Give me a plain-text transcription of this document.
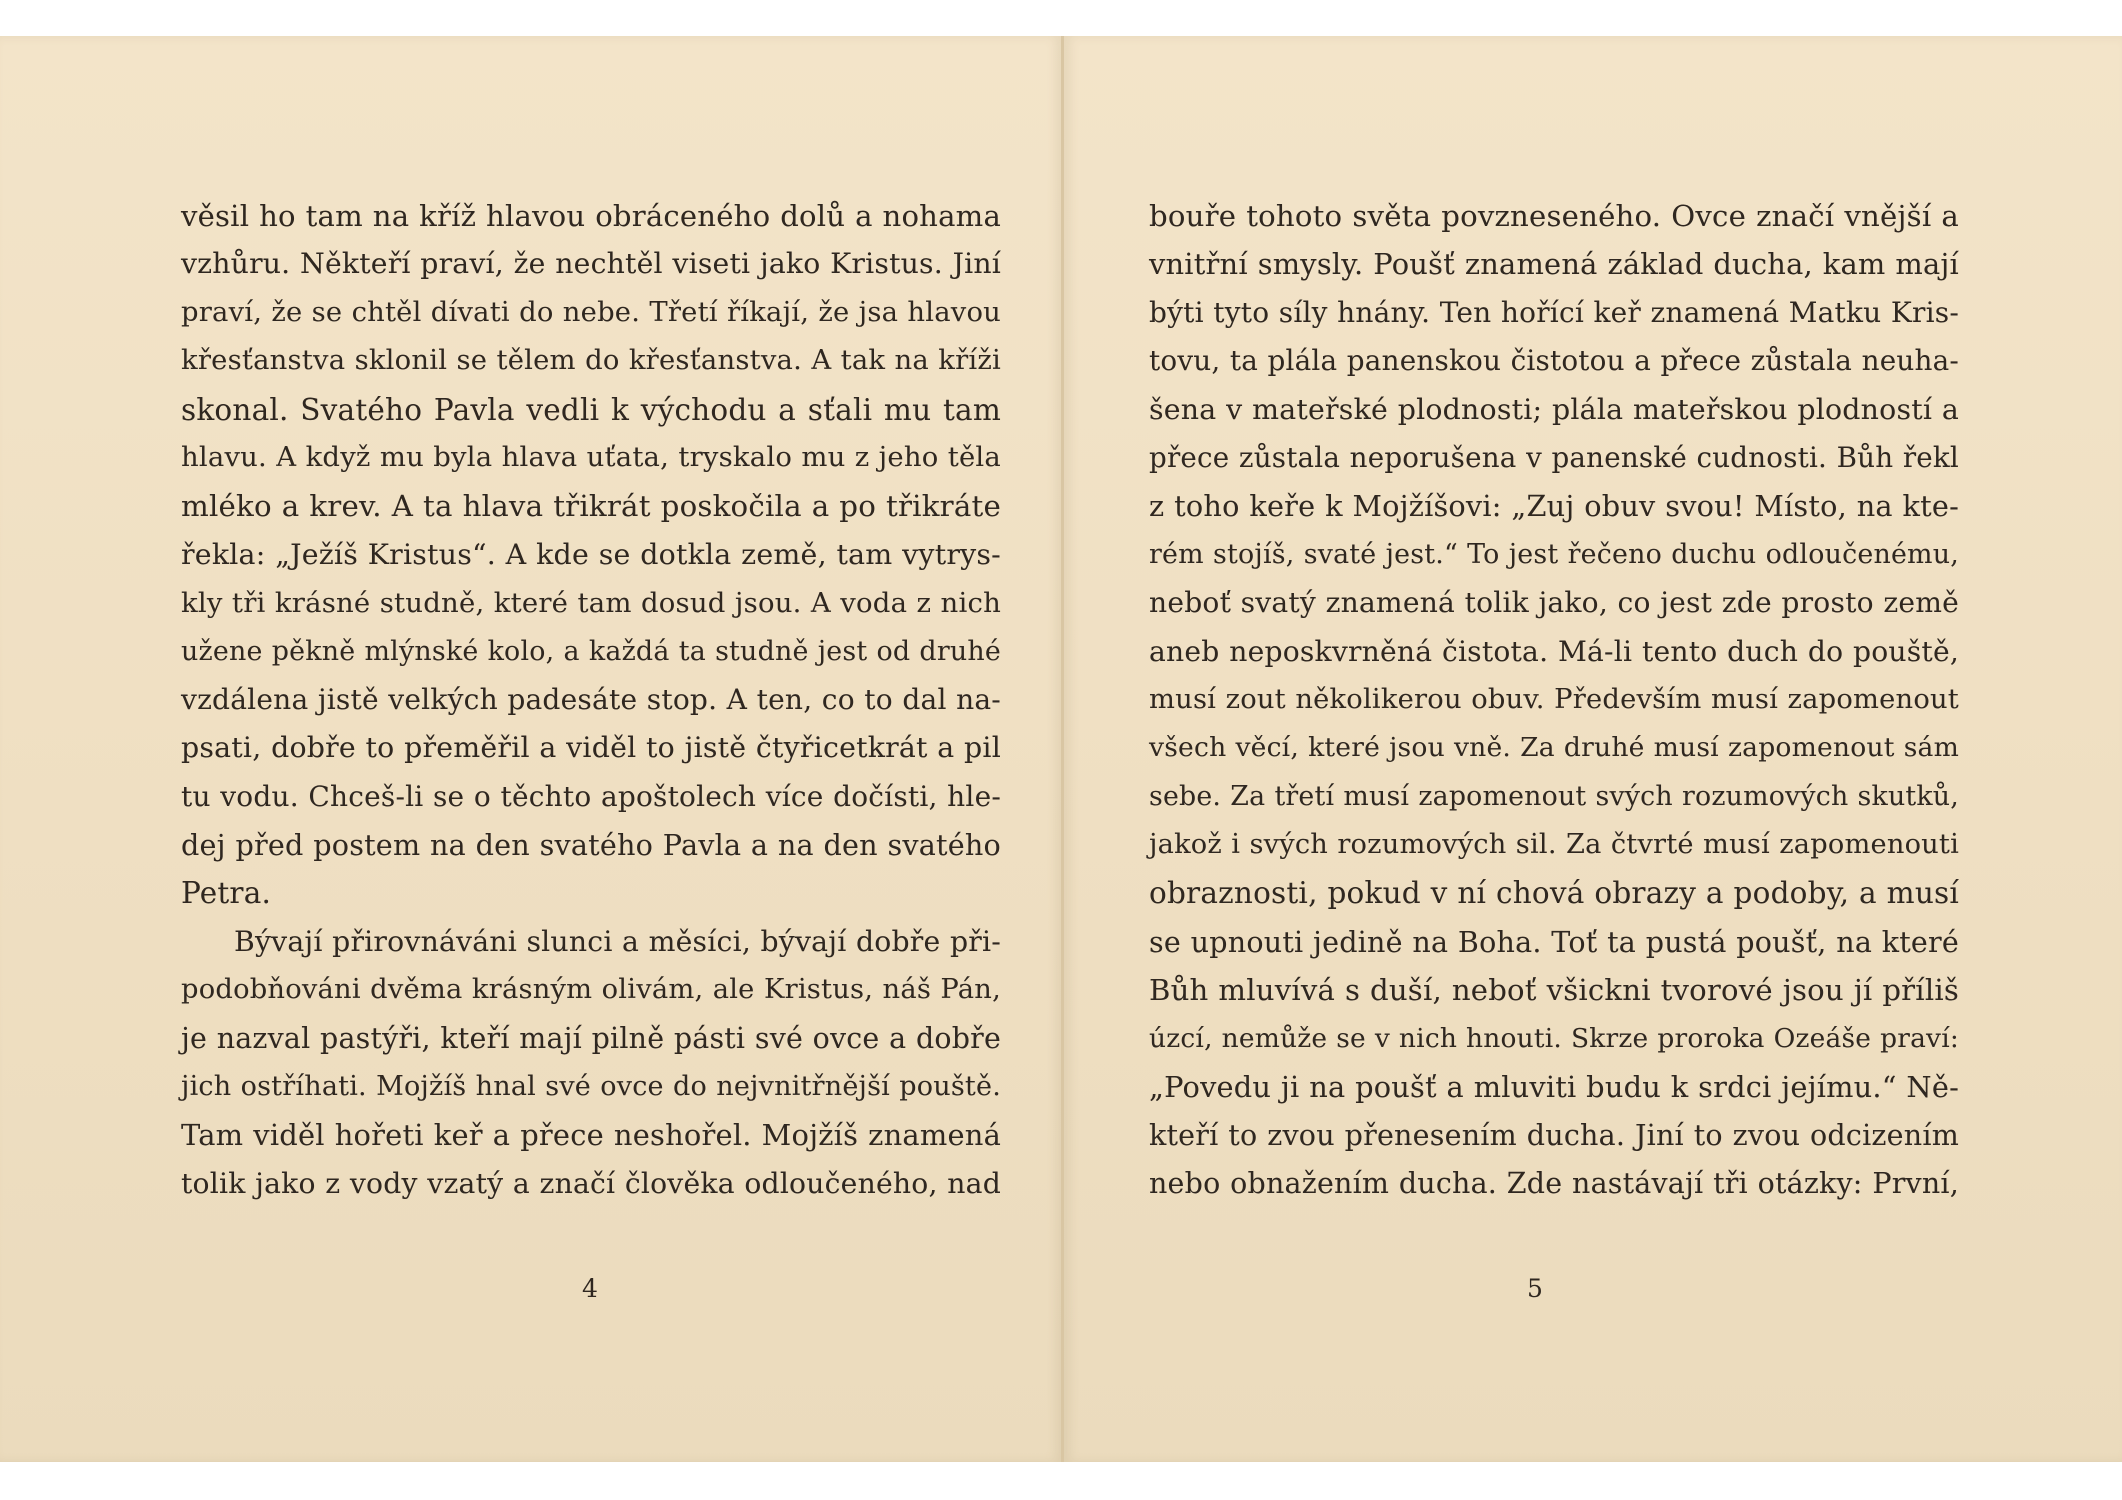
věsil ho tam na kříž hlavou obráceného dolů a nohama
vzhůru. Někteří praví, že nechtěl viseti jako Kristus. Jiní
praví, že se chtěl dívati do nebe. Třetí říkají, že jsa hlavou
křesťanstva sklonil se tělem do křesťanstva. A tak na kříži
skonal. Svatého Pavla vedli k východu a sťali mu tam
hlavu. A když mu byla hlava uťata, tryskalo mu z jeho těla
mléko a krev. A ta hlava třikrát poskočila a po třikráte
řekla: „Ježíš Kristus“. A kde se dotkla země, tam vytrys-
kly tři krásné studně, které tam dosud jsou. A voda z nich
užene pěkně mlýnské kolo, a každá ta studně jest od druhé
vzdálena jistě velkých padesáte stop. A ten, co to dal na-
psati, dobře to přeměřil a viděl to jistě čtyřicetkrát a pil
tu vodu. Chceš-li se o těchto apoštolech více dočísti, hle-
dej před postem na den svatého Pavla a na den svatého
Petra.
Bývají přirovnáváni slunci a měsíci, bývají dobře při-
podobňováni dvěma krásným olivám, ale Kristus, náš Pán,
je nazval pastýři, kteří mají pilně pásti své ovce a dobře
jich ostříhati. Mojžíš hnal své ovce do nejvnitřnější pouště.
Tam viděl hořeti keř a přece neshořel. Mojžíš znamená
tolik jako z vody vzatý a značí člověka odloučeného, nad
4
bouře tohoto světa povzneseného. Ovce značí vnější a
vnitřní smysly. Poušť znamená základ ducha, kam mají
býti tyto síly hnány. Ten hořící keř znamená Matku Kris-
tovu, ta plála panenskou čistotou a přece zůstala neuha-
šena v mateřské plodnosti; plála mateřskou plodností a
přece zůstala neporušena v panenské cudnosti. Bůh řekl
z toho keře k Mojžíšovi: „Zuj obuv svou! Místo, na kte-
rém stojíš, svaté jest.“ To jest řečeno duchu odloučenému,
neboť svatý znamená tolik jako, co jest zde prosto země
aneb neposkvrněná čistota. Má-li tento duch do pouště,
musí zout několikerou obuv. Především musí zapomenout
všech věcí, které jsou vně. Za druhé musí zapomenout sám
sebe. Za třetí musí zapomenout svých rozumových skutků,
jakož i svých rozumových sil. Za čtvrté musí zapomenouti
obraznosti, pokud v ní chová obrazy a podoby, a musí
se upnouti jedině na Boha. Toť ta pustá poušť, na které
Bůh mluvívá s duší, neboť všickni tvorové jsou jí příliš
úzcí, nemůže se v nich hnouti. Skrze proroka Ozeáše praví:
„Povedu ji na poušť a mluviti budu k srdci jejímu.“ Ně-
kteří to zvou přenesením ducha. Jiní to zvou odcizením
nebo obnažením ducha. Zde nastávají tři otázky: První,
5
